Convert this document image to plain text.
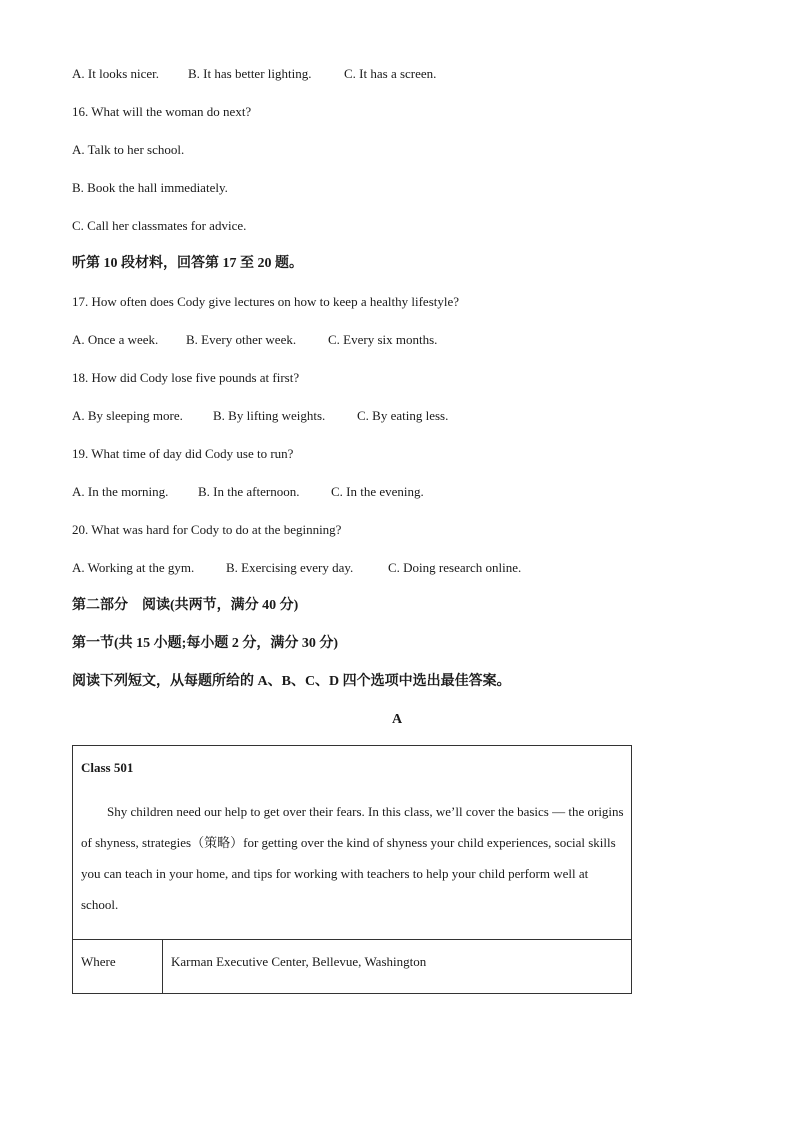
A. It looks nicer. B. It has better lighting.	C. It has a screen.
16. What will the woman do next?
A. Talk to her school.
B. Book the hall immediately.
C. Call her classmates for advice.
听第 10 段材料，回答第 17 至 20 题。
17. How often does Cody give lectures on how to keep a healthy lifestyle?
A. Once a week. B. Every other week. C. Every six months.
18. How did Cody lose five pounds at first?
A. By sleeping more. B. By lifting weights. C. By eating less.
19. What time of day did Cody use to run?
A. In the morning. B. In the afternoon. C. In the evening.
20. What was hard for Cody to do at the beginning?
A. Working at the gym. B. Exercising every day.	C. Doing research online.
第二部分　阅读(共两节，满分 40 分)
第一节(共 15 小题;每小题 2 分，满分 30 分)
阅读下列短文，从每题所给的 A、B、C、D 四个选项中选出最佳答案。
A
Class 501
Shy children need our help to get over their fears. In this class, we’ll cover the basics — the origins of shyness, strategies（策略）for getting over the kind of shyness your child experiences, social skills you can teach in your home, and tips for working with teachers to help your child perform well at school.
Where	Karman Executive Center, Bellevue, Washington
